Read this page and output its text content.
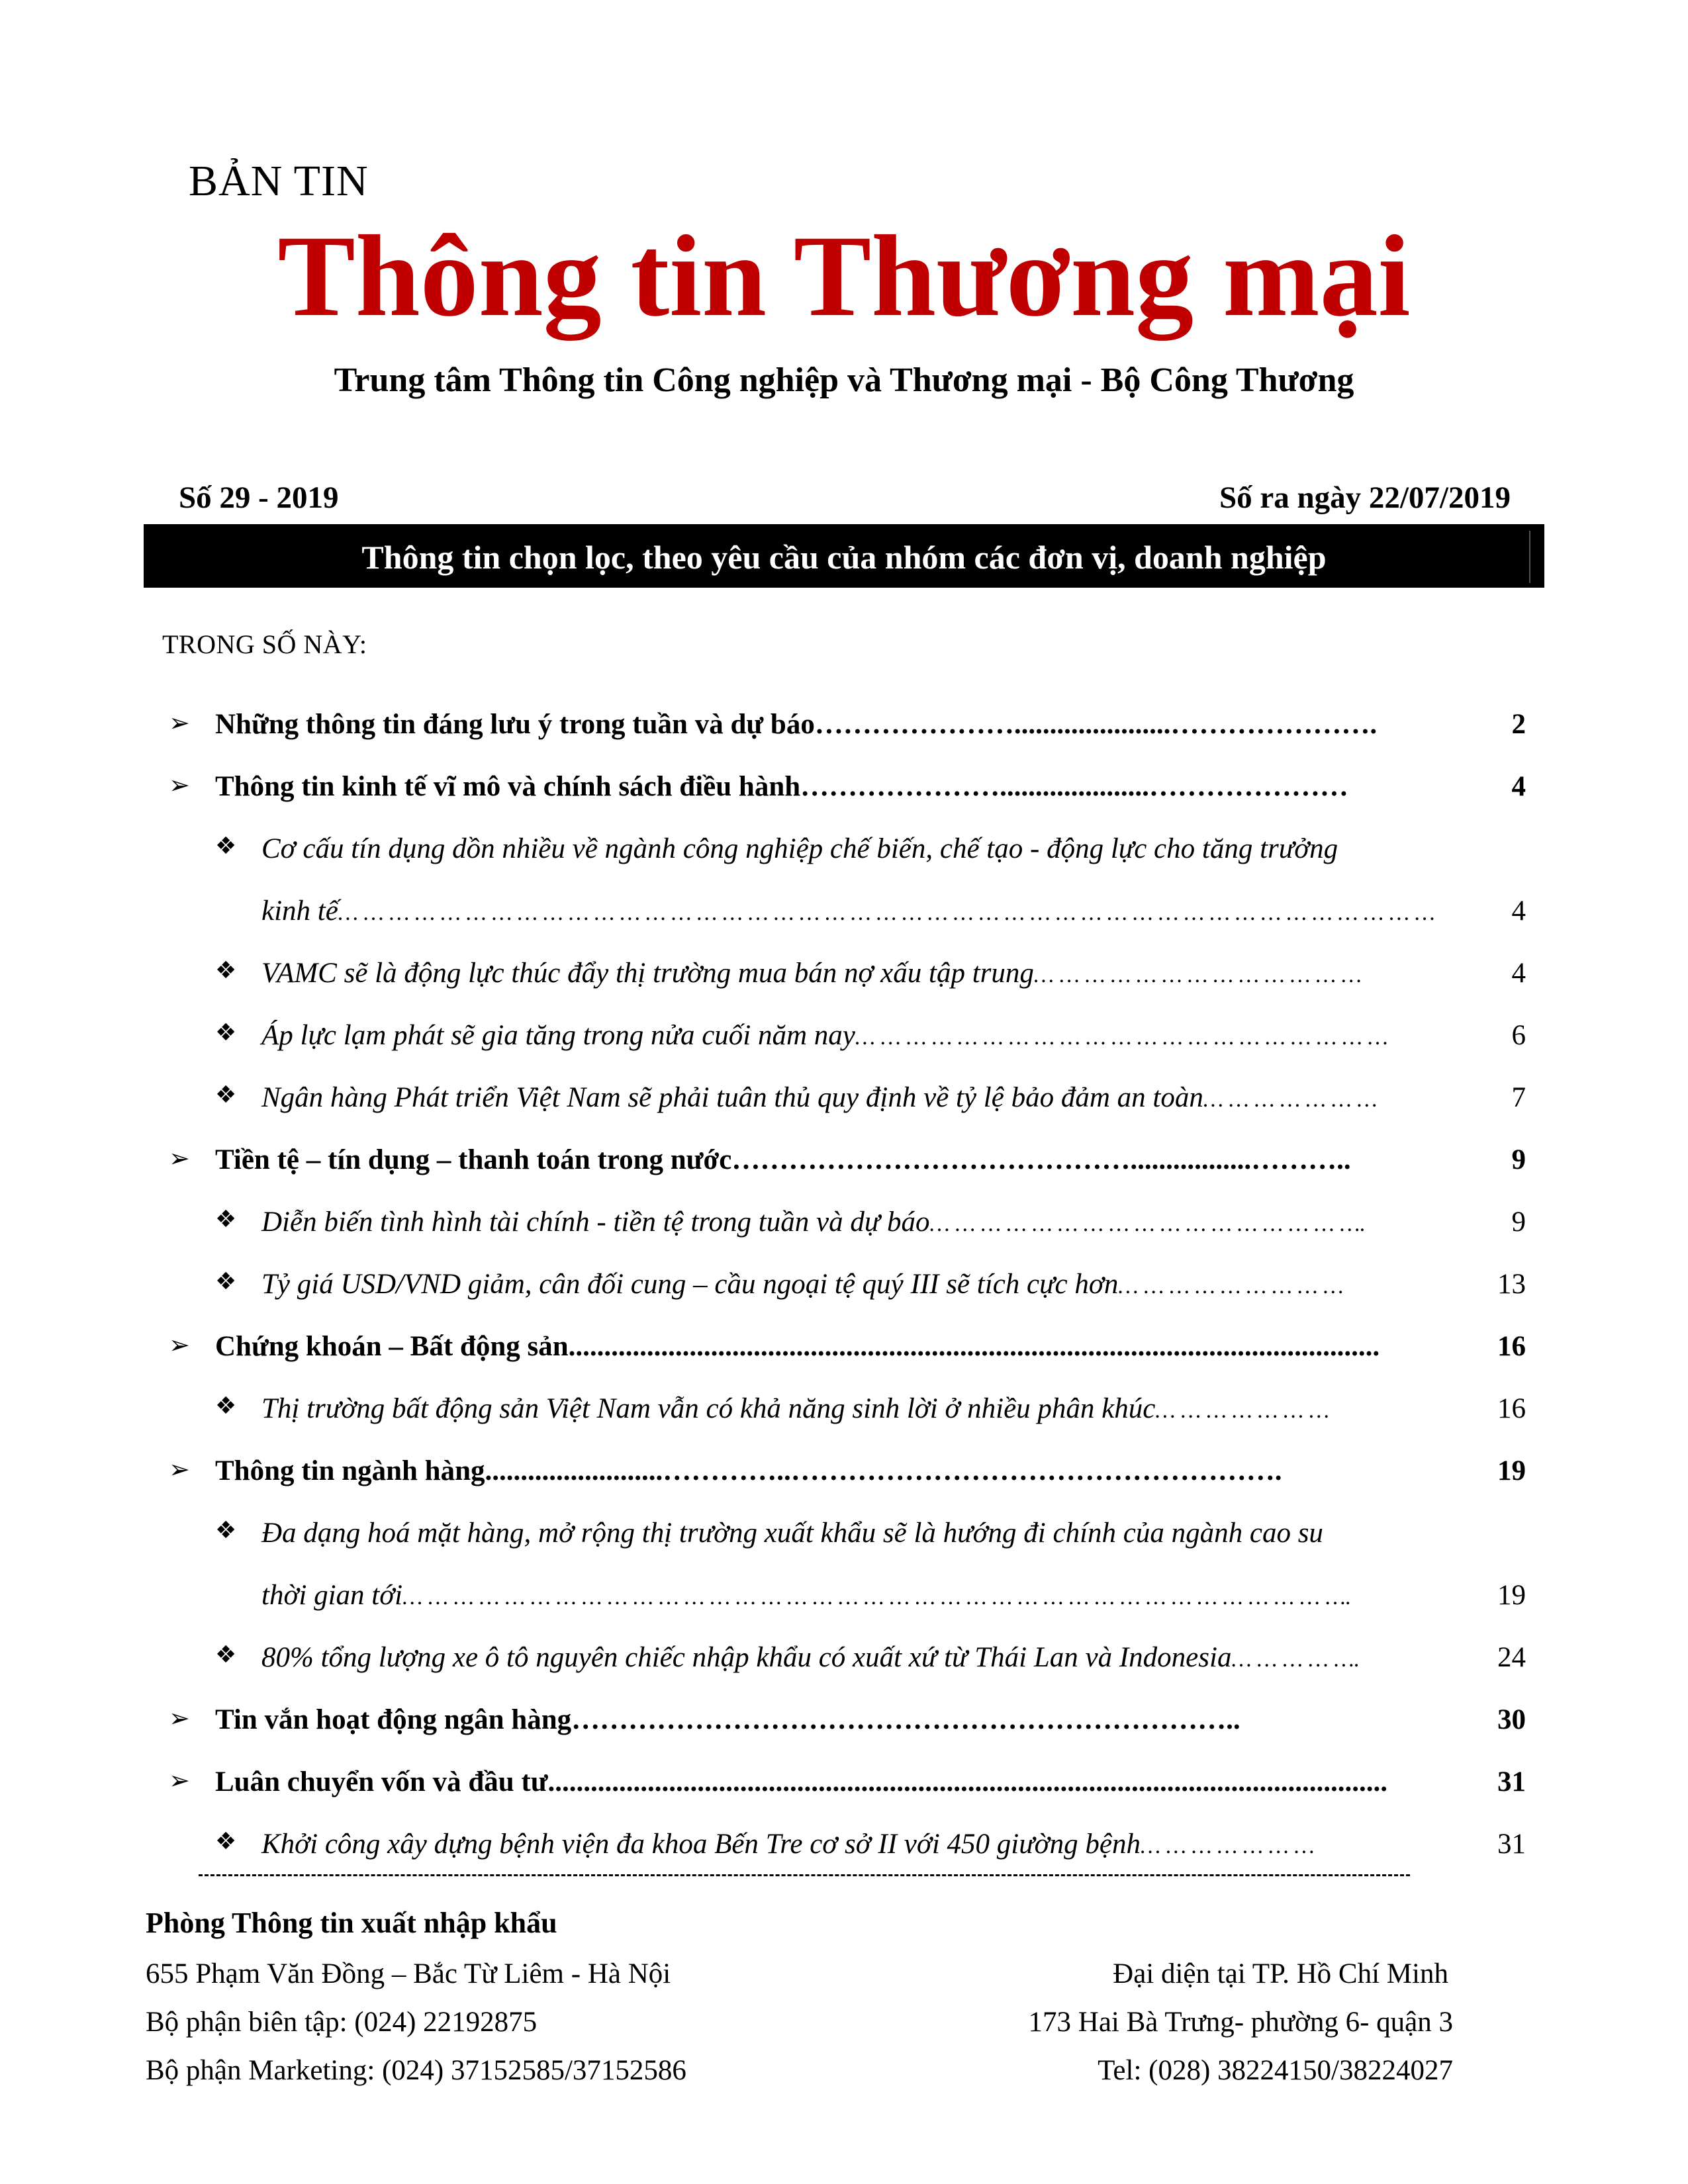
BẢN TIN
Thông tin Thương mại
Trung tâm Thông tin Công nghiệp và Thương mại - Bộ Công Thương
Số 29 - 2019	Số ra ngày 22/07/2019
Thông tin chọn lọc, theo yêu cầu của nhóm các đơn vị, doanh nghiệp
TRONG SỐ NÀY:
➢ Những thông tin đáng lưu ý trong tuần và dự báo…………………......................………………….	2
➢ Thông tin kinh tế vĩ mô và chính sách điều hành………………….....................…………………	4
❖ Cơ cấu tín dụng dồn nhiều về ngành công nghiệp chế biến, chế tạo - động lực cho tăng trưởng
kinh tế… … … … … … … … … … … … … … … … … … … … … … … … … … … … … … … … … … … … … … … … … … …	4
❖ VAMC sẽ là động lực thúc đẩy thị trường mua bán nợ xấu tập trung… … … … … … … … … … … … …	4
❖ Áp lực lạm phát sẽ gia tăng trong nửa cuối năm nay… … … … … … … … … … … … … … … … … … … … …	6
❖ Ngân hàng Phát triển Việt Nam sẽ phải tuân thủ quy định về tỷ lệ bảo đảm an toàn… … … … … … …	7
➢ Tiền tệ – tín dụng – thanh toán trong nước…………………………………….................………..	9
❖ Diễn biến tình hình tài chính - tiền tệ trong tuần và dự báo… … … … … … … … … … … … … … … … ….	9
❖ Tỷ giá USD/VND giảm, cân đối cung – cầu ngoại tệ quý III sẽ tích cực hơn… … … … … … … … …	13
➢ Chứng khoán – Bất động sản..................................................................................................................	16
❖ Thị trường bất động sản Việt Nam vẫn có khả năng sinh lời ở nhiều phân khúc… … … … … … …	16
➢ Thông tin ngành hàng.........................…………..…………………………………………….	19
❖ Đa dạng hoá mặt hàng, mở rộng thị trường xuất khẩu sẽ là hướng đi chính của ngành cao su
thời gian tới… … … … … … … … … … … … … … … … … … … … … … … … … … … … … … … … … … … … ….	19
❖ 80% tổng lượng xe ô tô nguyên chiếc nhập khẩu có xuất xứ từ Thái Lan và Indonesia… … … … ….	24
➢ Tin vắn hoạt động ngân hàng……………………………………………………………..	30
➢ Luân chuyển vốn và đầu tư......................................................................................................................	31
❖ Khởi công xây dựng bệnh viện đa khoa Bến Tre cơ sở II với 450 giường bệnh… … … … … … …	31
Phòng Thông tin xuất nhập khẩu
655 Phạm Văn Đồng – Bắc Từ Liêm - Hà Nội
Bộ phận biên tập: (024) 22192875
Bộ phận Marketing: (024) 37152585/37152586
Đại diện tại TP. Hồ Chí Minh
173 Hai Bà Trưng- phường 6- quận 3
Tel: (028) 38224150/38224027
